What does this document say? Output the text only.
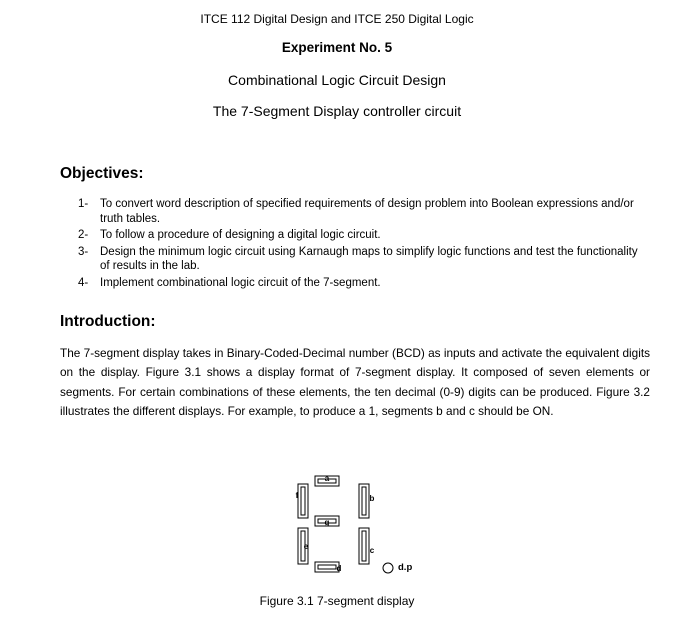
ITCE 112 Digital Design and ITCE 250 Digital Logic
Experiment No. 5
Combinational Logic Circuit Design
The 7-Segment Display controller circuit
Objectives:
1- To convert word description of specified requirements of design problem into Boolean expressions and/or truth tables.
2- To follow a procedure of designing a digital logic circuit.
3- Design the minimum logic circuit using Karnaugh maps to simplify logic functions and test the functionality of results in the lab.
4- Implement combinational logic circuit of the 7-segment.
Introduction:

The 7-segment display takes in Binary-Coded-Decimal number (BCD) as inputs and activate the equivalent digits on the display. Figure 3.1 shows a display format of 7-segment display. It composed of seven elements or segments. For certain combinations of these elements, the ten decimal (0-9) digits can be produced. Figure 3.2 illustrates the different displays. For example, to produce a 1, segments b and c should be ON.

a
g
d
f	b
e	c
d.p
Figure 3.1 7-segment display
